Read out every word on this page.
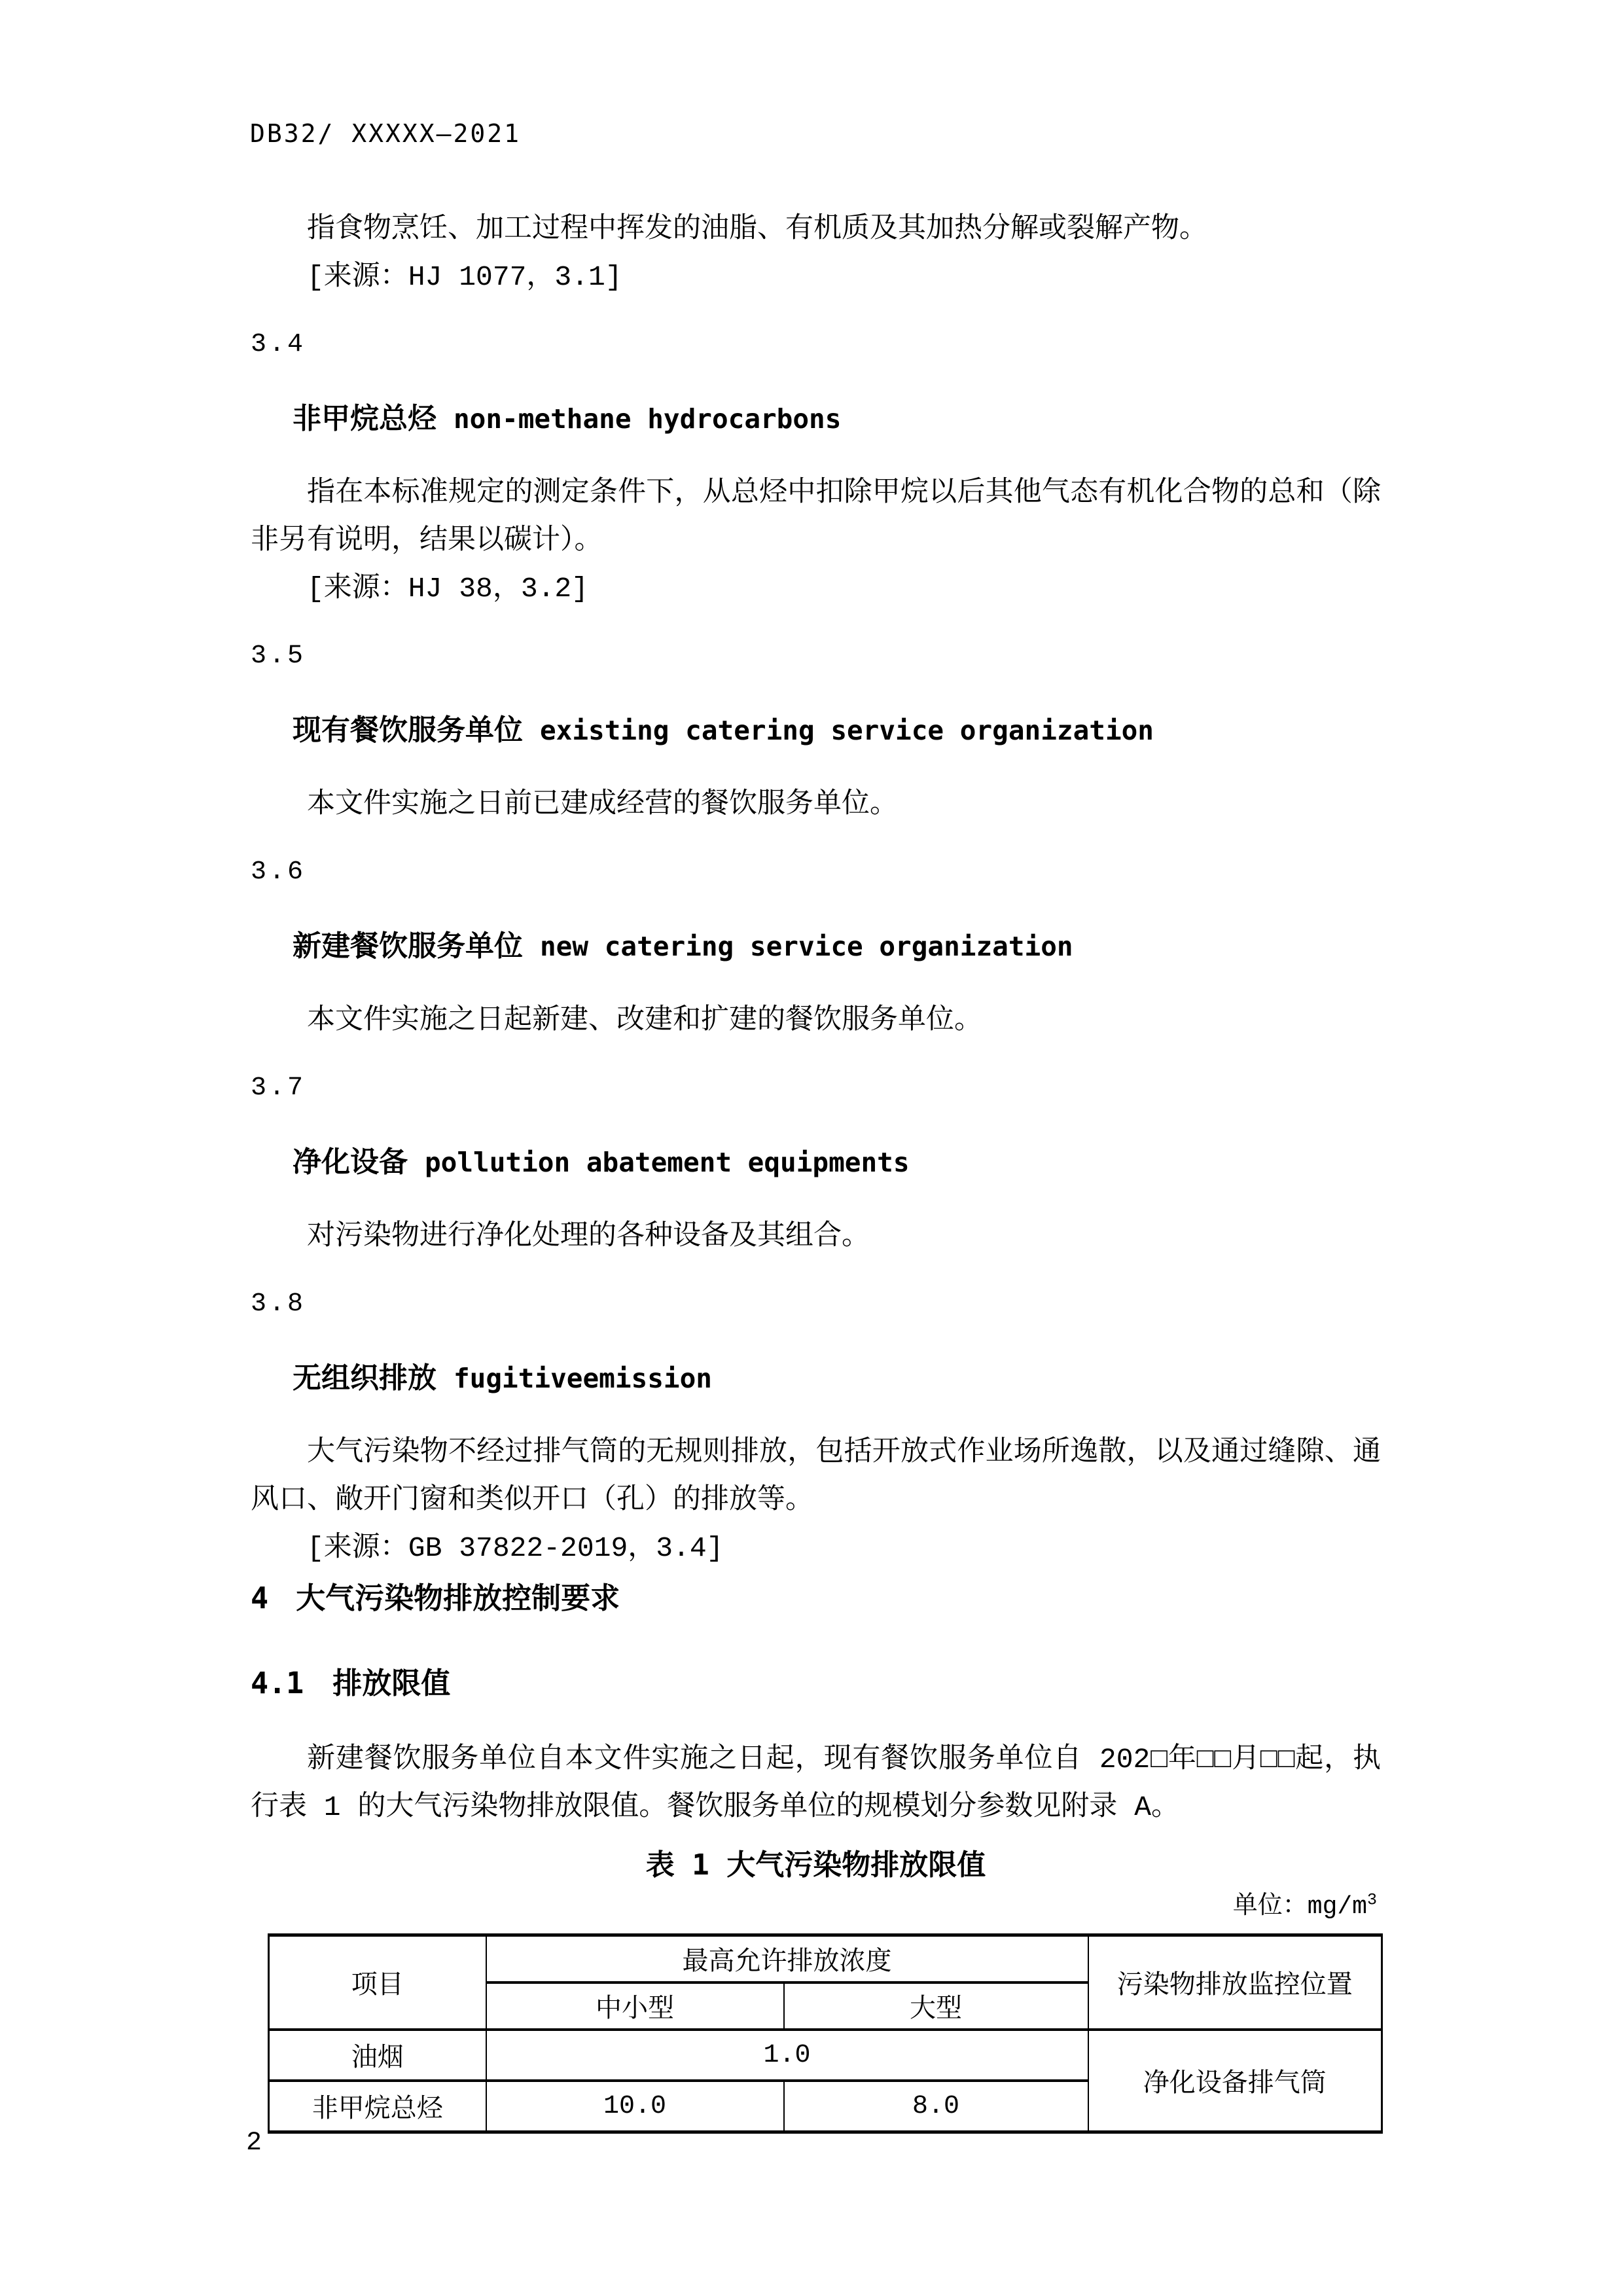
DB32/ XXXXX—2021

指食物烹饪、加工过程中挥发的油脂、有机质及其加热分解或裂解产物。

[来源：HJ 1077，3.1]

3.4

非甲烷总烃 non-methane hydrocarbons

指在本标准规定的测定条件下，从总烃中扣除甲烷以后其他气态有机化合物的总和（除非另有说明，结果以碳计）。

[来源：HJ 38，3.2]

3.5

现有餐饮服务单位 existing catering service organization

本文件实施之日前已建成经营的餐饮服务单位。

3.6

新建餐饮服务单位 new catering service organization

本文件实施之日起新建、改建和扩建的餐饮服务单位。

3.7

净化设备 pollution abatement equipments

对污染物进行净化处理的各种设备及其组合。

3.8

无组织排放 fugitiveemission

大气污染物不经过排气筒的无规则排放，包括开放式作业场所逸散，以及通过缝隙、通风口、敞开门窗和类似开口（孔）的排放等。

[来源：GB 37822-2019，3.4]

4 大气污染物排放控制要求

4.1 排放限值

新建餐饮服务单位自本文件实施之日起，现有餐饮服务单位自 202□年□□月□□起，执行表 1 的大气污染物排放限值。餐饮服务单位的规模划分参数见附录 A。

表 1 大气污染物排放限值
单位：$mg/m^3$
项目	最高允许排放浓度		污染物排放监控位置
	中小型	大型	
油烟	1.0		净化设备排气筒
非甲烷总烃	10.0	8.0	
2
